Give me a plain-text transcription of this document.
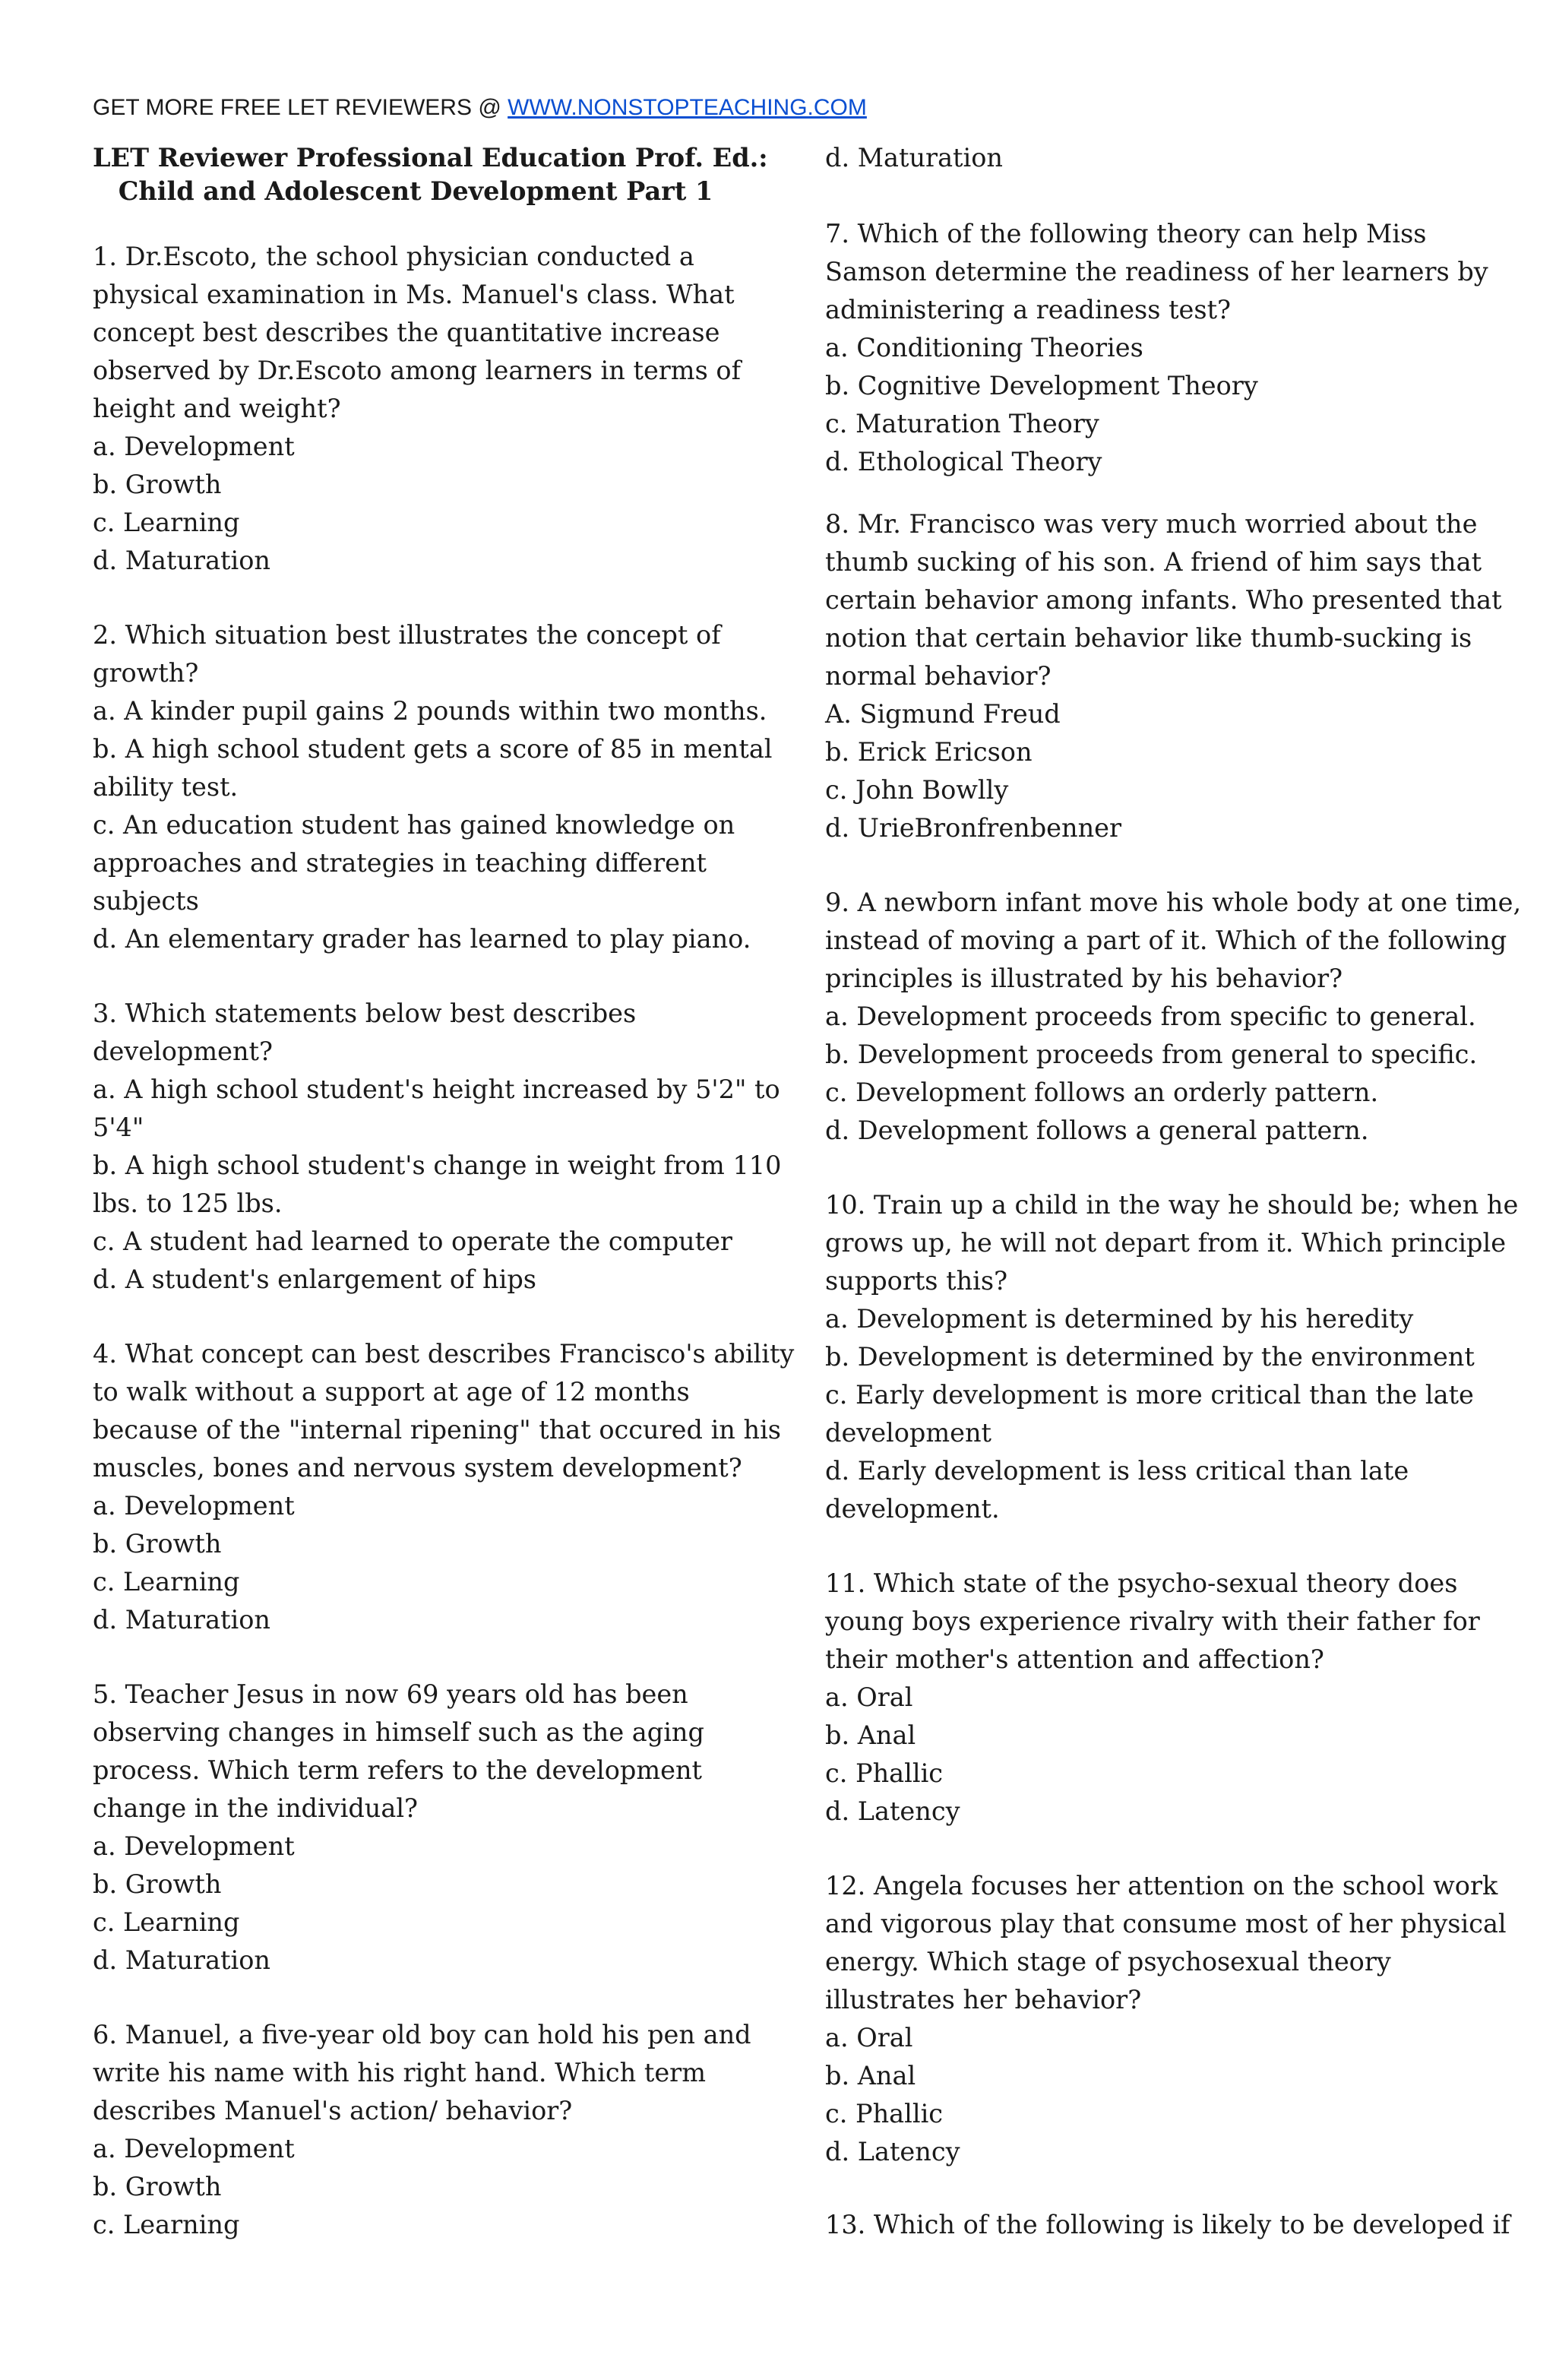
GET MORE FREE LET REVIEWERS @ WWW.NONSTOPTEACHING.COM
LET Reviewer Professional Education Prof. Ed.:
Child and Adolescent Development Part 1
1. Dr.Escoto, the school physician conducted a
physical examination in Ms. Manuel's class. What
concept best describes the quantitative increase
observed by Dr.Escoto among learners in terms of
height and weight?
a. Development
b. Growth
c. Learning
d. Maturation
2. Which situation best illustrates the concept of
growth?
a. A kinder pupil gains 2 pounds within two months.
b. A high school student gets a score of 85 in mental
ability test.
c. An education student has gained knowledge on
approaches and strategies in teaching different
subjects
d. An elementary grader has learned to play piano.
3. Which statements below best describes
development?
a. A high school student's height increased by 5'2" to
5'4"
b. A high school student's change in weight from 110
lbs. to 125 lbs.
c. A student had learned to operate the computer
d. A student's enlargement of hips
4. What concept can best describes Francisco's ability
to walk without a support at age of 12 months
because of the "internal ripening" that occured in his
muscles, bones and nervous system development?
a. Development
b. Growth
c. Learning
d. Maturation
5. Teacher Jesus in now 69 years old has been
observing changes in himself such as the aging
process. Which term refers to the development
change in the individual?
a. Development
b. Growth
c. Learning
d. Maturation
6. Manuel, a five-year old boy can hold his pen and
write his name with his right hand. Which term
describes Manuel's action/ behavior?
a. Development
b. Growth
c. Learning
d. Maturation
7. Which of the following theory can help Miss
Samson determine the readiness of her learners by
administering a readiness test?
a. Conditioning Theories
b. Cognitive Development Theory
c. Maturation Theory
d. Ethological Theory
8. Mr. Francisco was very much worried about the
thumb sucking of his son. A friend of him says that
certain behavior among infants. Who presented that
notion that certain behavior like thumb-sucking is
normal behavior?
A. Sigmund Freud
b. Erick Ericson
c. John Bowlly
d. UrieBronfrenbenner
9. A newborn infant move his whole body at one time,
instead of moving a part of it. Which of the following
principles is illustrated by his behavior?
a. Development proceeds from specific to general.
b. Development proceeds from general to specific.
c. Development follows an orderly pattern.
d. Development follows a general pattern.
10. Train up a child in the way he should be; when he
grows up, he will not depart from it. Which principle
supports this?
a. Development is determined by his heredity
b. Development is determined by the environment
c. Early development is more critical than the late
development
d. Early development is less critical than late
development.
11. Which state of the psycho-sexual theory does
young boys experience rivalry with their father for
their mother's attention and affection?
a. Oral
b. Anal
c. Phallic
d. Latency
12. Angela focuses her attention on the school work
and vigorous play that consume most of her physical
energy. Which stage of psychosexual theory
illustrates her behavior?
a. Oral
b. Anal
c. Phallic
d. Latency
13. Which of the following is likely to be developed if
